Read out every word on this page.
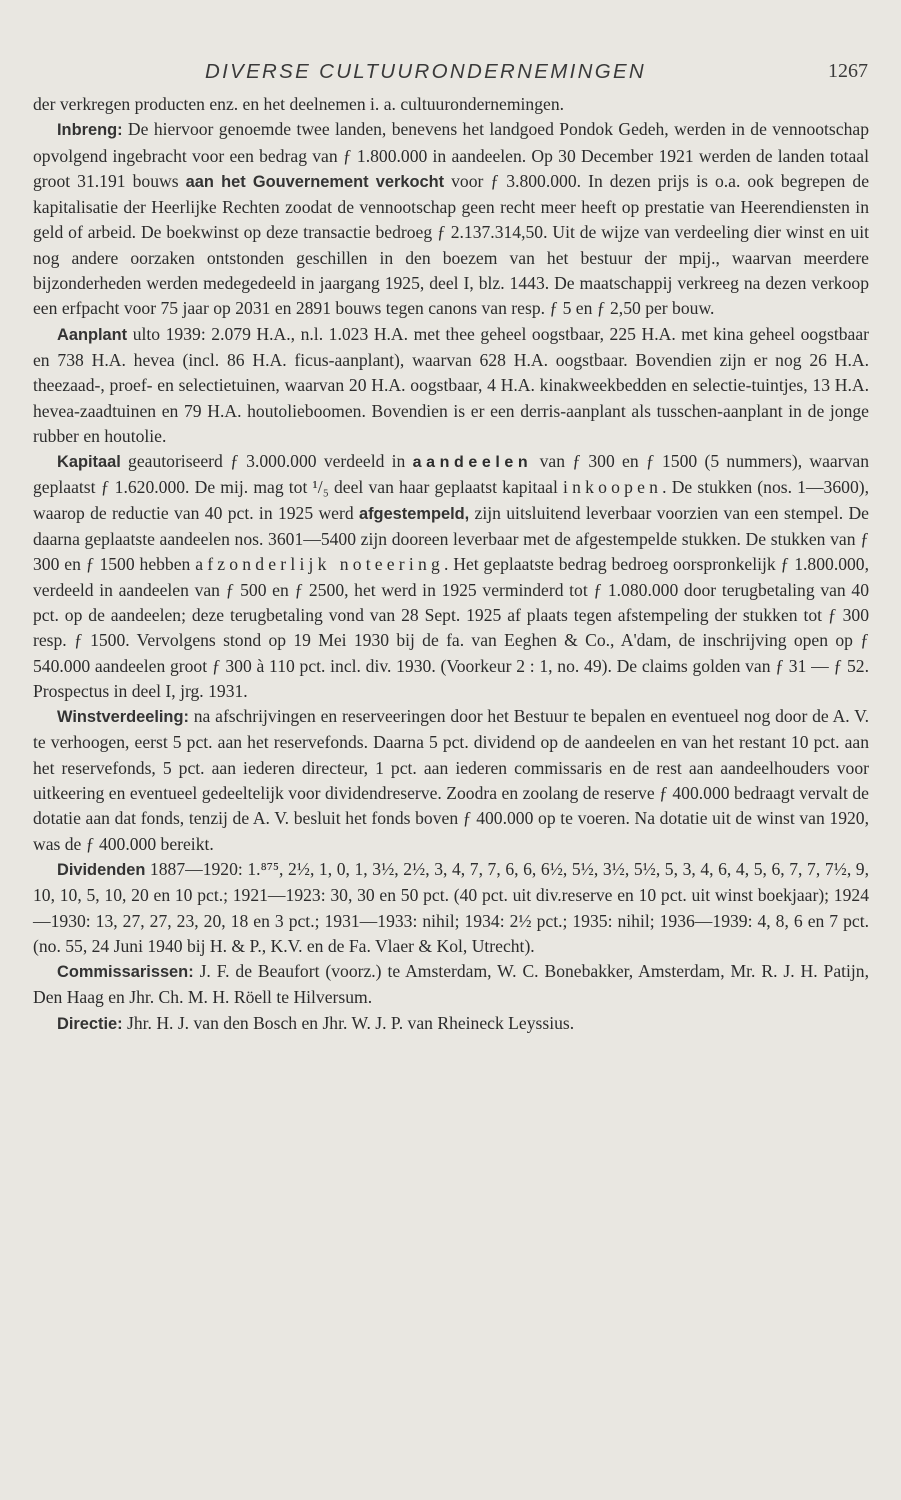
DIVERSE CULTUURONDERNEMINGEN	1267

der verkregen producten enz. en het deelnemen i. a. cultuurondernemingen.

Inbreng: De hiervoor genoemde twee landen, benevens het landgoed Pondok Gedeh, werden in de vennootschap opvolgend ingebracht voor een bedrag van ƒ 1.800.000 in aandeelen. Op 30 December 1921 werden de landen totaal groot 31.191 bouws aan het Gouvernement verkocht voor ƒ 3.800.000. In dezen prijs is o.a. ook begrepen de kapitalisatie der Heerlijke Rechten zoodat de vennootschap geen recht meer heeft op prestatie van Heerendiensten in geld of arbeid. De boekwinst op deze transactie bedroeg ƒ 2.137.314,50. Uit de wijze van verdeeling dier winst en uit nog andere oorzaken ontstonden geschillen in den boezem van het bestuur der mpij., waarvan meerdere bijzonderheden werden medegedeeld in jaargang 1925, deel I, blz. 1443. De maatschappij verkreeg na dezen verkoop een erfpacht voor 75 jaar op 2031 en 2891 bouws tegen canons van resp. ƒ 5 en ƒ 2,50 per bouw.

Aanplant ulto 1939: 2.079 H.A., n.l. 1.023 H.A. met thee geheel oogstbaar, 225 H.A. met kina geheel oogstbaar en 738 H.A. hevea (incl. 86 H.A. ficus-aanplant), waarvan 628 H.A. oogstbaar. Bovendien zijn er nog 26 H.A. theezaad-, proef- en selectietuinen, waarvan 20 H.A. oogstbaar, 4 H.A. kinakweekbedden en selectie-tuintjes, 13 H.A. hevea-zaadtuinen en 79 H.A. houtolieboomen. Bovendien is er een derris-aanplant als tusschen-aanplant in de jonge rubber en houtolie.

Kapitaal geautoriseerd ƒ 3.000.000 verdeeld in aandeelen van ƒ 300 en ƒ 1500 (5 nummers), waarvan geplaatst ƒ 1.620.000. De mij. mag tot ¹/₅ deel van haar geplaatst kapitaal inkoopen. De stukken (nos. 1—3600), waarop de reductie van 40 pct. in 1925 werd afgestempeld, zijn uitsluitend leverbaar voorzien van een stempel. De daarna geplaatste aandeelen nos. 3601—5400 zijn dooreen leverbaar met de afgestempelde stukken. De stukken van ƒ 300 en ƒ 1500 hebben afzonderlijk noteering. Het geplaatste bedrag bedroeg oorspronkelijk ƒ 1.800.000, verdeeld in aandeelen van ƒ 500 en ƒ 2500, het werd in 1925 verminderd tot ƒ 1.080.000 door terugbetaling van 40 pct. op de aandeelen; deze terugbetaling vond van 28 Sept. 1925 af plaats tegen afstempeling der stukken tot ƒ 300 resp. ƒ 1500. Vervolgens stond op 19 Mei 1930 bij de fa. van Eeghen & Co., A'dam, de inschrijving open op ƒ 540.000 aandeelen groot ƒ 300 à 110 pct. incl. div. 1930. (Voorkeur 2 : 1, no. 49). De claims golden van ƒ 31 — ƒ 52. Prospectus in deel I, jrg. 1931.

Winstverdeeling: na afschrijvingen en reserveeringen door het Bestuur te bepalen en eventueel nog door de A. V. te verhoogen, eerst 5 pct. aan het reservefonds. Daarna 5 pct. dividend op de aandeelen en van het restant 10 pct. aan het reservefonds, 5 pct. aan iederen directeur, 1 pct. aan iederen commissaris en de rest aan aandeelhouders voor uitkeering en eventueel gedeeltelijk voor dividendreserve. Zoodra en zoolang de reserve ƒ 400.000 bedraagt vervalt de dotatie aan dat fonds, tenzij de A. V. besluit het fonds boven ƒ 400.000 op te voeren. Na dotatie uit de winst van 1920, was de ƒ 400.000 bereikt.

Dividenden 1887—1920: 1.⁸⁷⁵, 2½, 1, 0, 1, 3½, 2½, 3, 4, 7, 7, 6, 6, 6½, 5½, 3½, 5½, 5, 3, 4, 6, 4, 5, 6, 7, 7, 7½, 9, 10, 10, 5, 10, 20 en 10 pct.; 1921—1923: 30, 30 en 50 pct. (40 pct. uit div.reserve en 10 pct. uit winst boekjaar); 1924—1930: 13, 27, 27, 23, 20, 18 en 3 pct.; 1931—1933: nihil; 1934: 2½ pct.; 1935: nihil; 1936—1939: 4, 8, 6 en 7 pct. (no. 55, 24 Juni 1940 bij H. & P., K.V. en de Fa. Vlaer & Kol, Utrecht).

Commissarissen: J. F. de Beaufort (voorz.) te Amsterdam, W. C. Bonebakker, Amsterdam, Mr. R. J. H. Patijn, Den Haag en Jhr. Ch. M. H. Röell te Hilversum.

Directie: Jhr. H. J. van den Bosch en Jhr. W. J. P. van Rheineck Leyssius.
